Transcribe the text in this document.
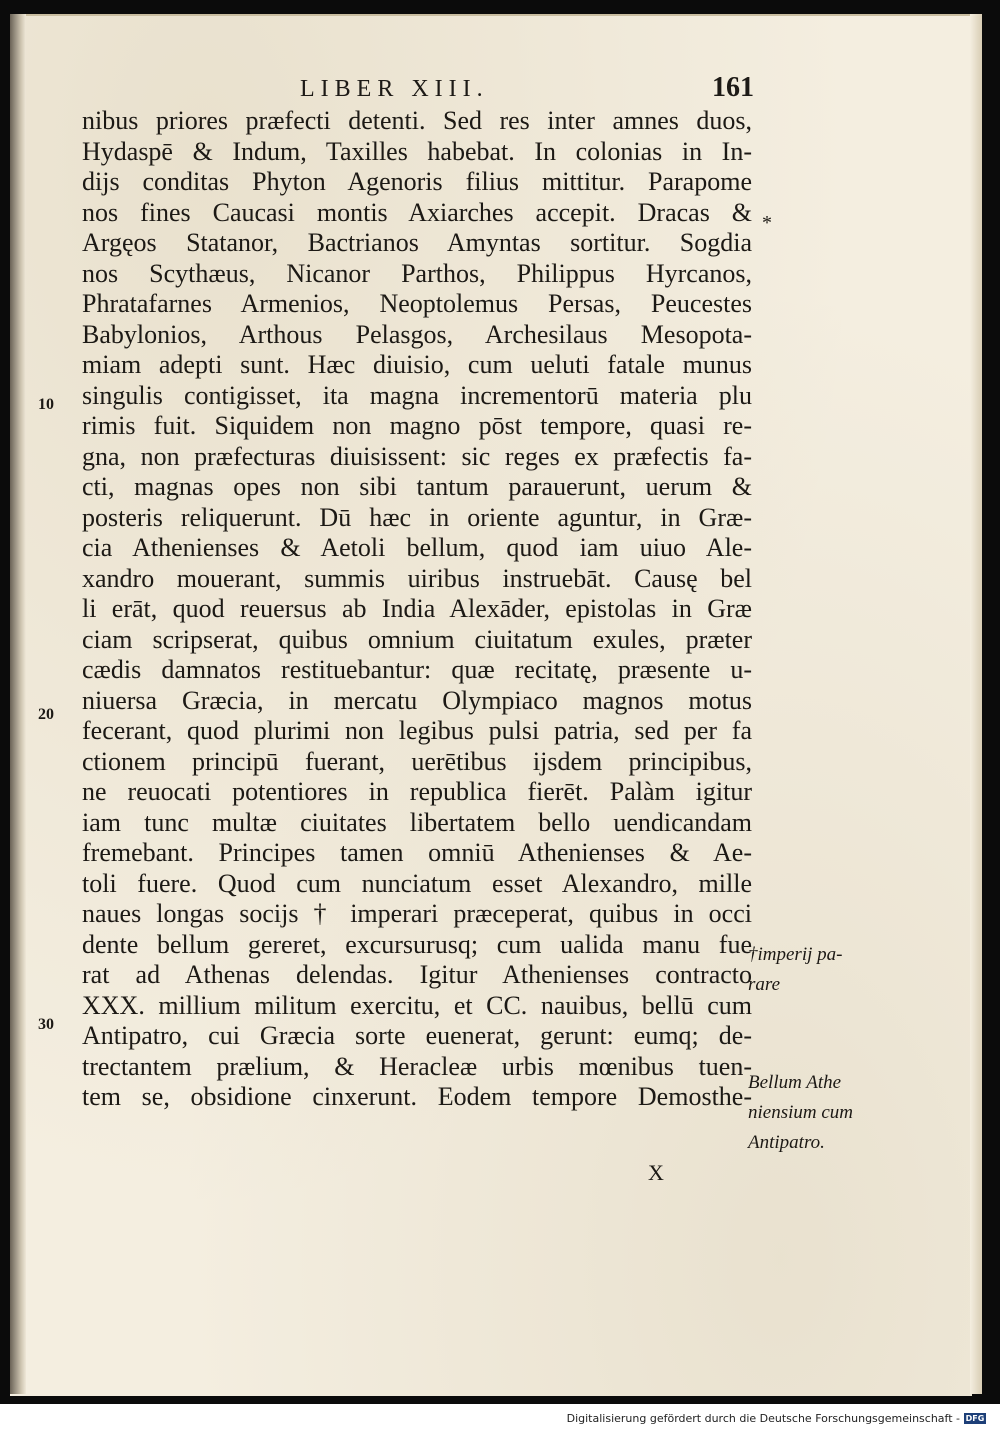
LIBER XIII.	161
nibus priores præfecti detenti. Sed res inter amnes duos,
Hydaspē & Indum, Taxilles habebat. In colonias in In-
dijs conditas Phyton Agenoris filius mittitur. Parapome
nos fines Caucasi montis Axiarches accepit. Dracas &
Argęos Statanor, Bactrianos Amyntas sortitur. Sogdia
nos Scythæus, Nicanor Parthos, Philippus Hyrcanos,
Phratafarnes Armenios, Neoptolemus Persas, Peucestes
Babylonios, Arthous Pelasgos, Archesilaus Mesopota-
miam adepti sunt. Hæc diuisio, cum ueluti fatale munus
singulis contigisset, ita magna incrementorū materia plu
rimis fuit. Siquidem non magno pōst tempore, quasi re-
gna, non præfecturas diuisissent: sic reges ex præfectis fa-
cti, magnas opes non sibi tantum parauerunt, uerum &
posteris reliquerunt. Dū hæc in oriente aguntur, in Græ-
cia Athenienses & Aetoli bellum, quod iam uiuo Ale-
xandro mouerant, summis uiribus instruebāt. Causę bel
li erāt, quod reuersus ab India Alexāder, epistolas in Græ
ciam scripserat, quibus omnium ciuitatum exules, præter
cædis damnatos restituebantur: quæ recitatę, præsente u-
niuersa Græcia, in mercatu Olympiaco magnos motus
fecerant, quod plurimi non legibus pulsi patria, sed per fa
ctionem principū fuerant, uerētibus ijsdem principibus,
ne reuocati potentiores in republica fierēt. Palàm igitur
iam tunc multæ ciuitates libertatem bello uendicandam
fremebant. Principes tamen omniū Athenienses & Ae-
toli fuere. Quod cum nunciatum esset Alexandro, mille
naues longas socijs † imperari præceperat, quibus in occi
dente bellum gereret, excursurusq; cum ualida manu fue
rat ad Athenas delendas. Igitur Athenienses contracto
XXX. millium militum exercitu, et CC. nauibus, bellū cum
Antipatro, cui Græcia sorte euenerat, gerunt: eumq; de-
trectantem prælium, & Heracleæ urbis mœnibus tuen-
tem se, obsidione cinxerunt. Eodem tempore Demosthe-
10
20
30
*
†imperij pa-
rare
Bellum Athe
niensium cum
Antipatro.
X
Digitalisierung gefördert durch die Deutsche Forschungsgemeinschaft - DFG
